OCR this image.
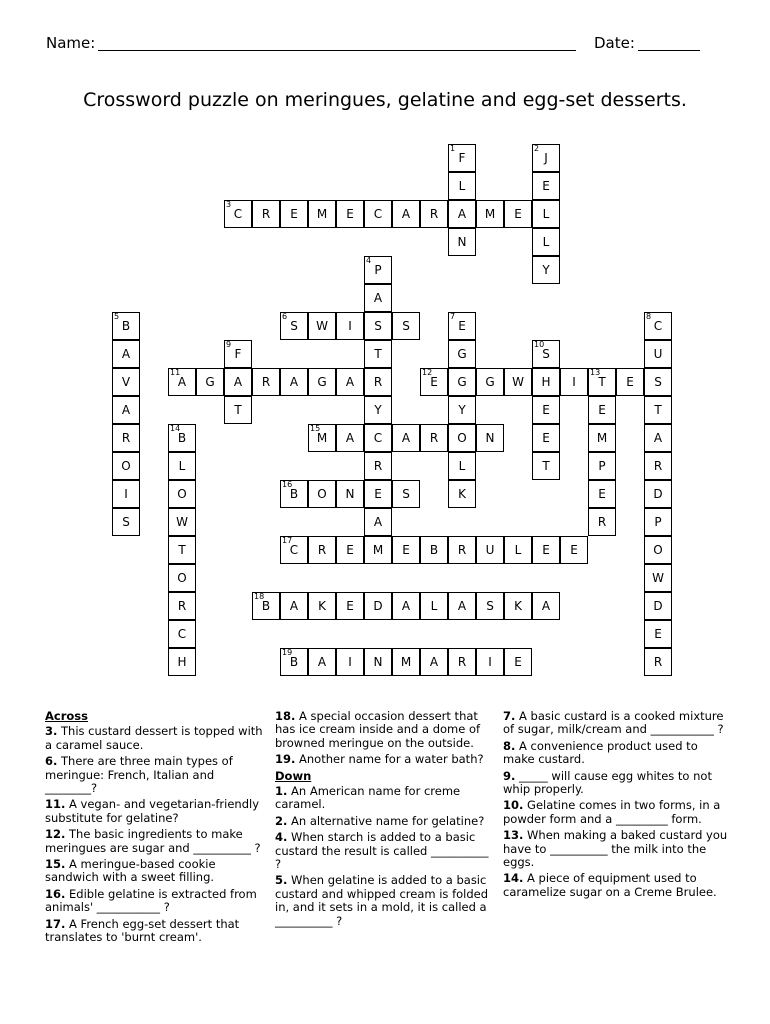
Name:	Date:
Crossword puzzle on meringues, gelatine and egg-set desserts.
F
1
L
A
N
J
2
E
L
L
Y
C
3
R	E	M	E	C	A	R	M	E
P
4
A
S
T
R
Y
C
R
E
A
M
B
5
A
V
A
R
O
I
S
S
6
W	I	S	E
7
G
G
Y
O
L
K
C
8
U
S
T
A
R
D
P
O
W
D
E
R
F
9
A
T
S
10
H
E
E
T
A
11
G	R	A	G	A	E
12
G	W	I	T
13
E
E
M
P
E
R
B
14
L
O
W
T
O
R
C
H
M
15
A	A	R	N
B
16
O	N	S
C
17
R	E	E	B	R	U	L	E	E
B
18
A	K	E	D	A	L	A	S	K	A
B
19
A	I	N	M	A	R	I	E
Across
3. This custard dessert is topped with a caramel sauce.
6. There are three main types of meringue: French, Italian and ________?
11. A vegan- and vegetarian-friendly substitute for gelatine?
12. The basic ingredients to make meringues are sugar and __________ ?
15. A meringue-based cookie sandwich with a sweet filling.
16. Edible gelatine is extracted from animals' ___________ ?
17. A French egg-set dessert that translates to 'burnt cream'.
18. A special occasion dessert that has ice cream inside and a dome of browned meringue on the outside.
19. Another name for a water bath?
Down
1. An American name for creme caramel.
2. An alternative name for gelatine?
4. When starch is added to a basic custard the result is called __________ ?
5. When gelatine is added to a basic custard and whipped cream is folded in, and it sets in a mold, it is called a __________ ?
7. A basic custard is a cooked mixture of sugar, milk/cream and ___________ ?
8. A convenience product used to make custard.
9. _____ will cause egg whites to not whip properly.
10. Gelatine comes in two forms, in a powder form and a _________ form.
13. When making a baked custard you have to __________ the milk into the eggs.
14. A piece of equipment used to caramelize sugar on a Creme Brulee.
